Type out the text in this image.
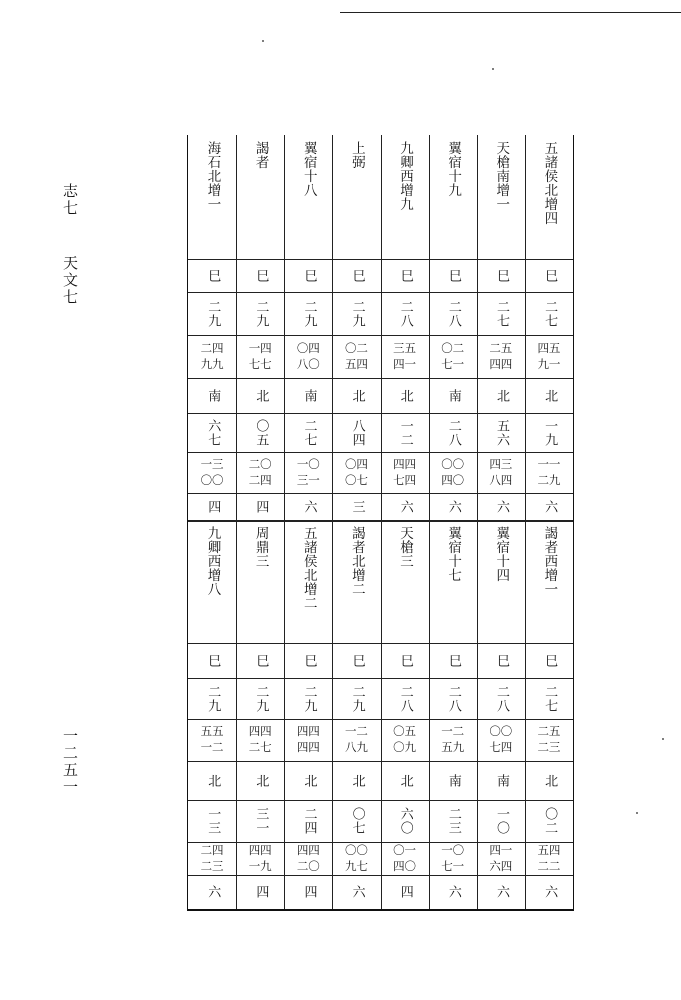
志七
天文七
一二五一
五諸侯北增四
巳
二七
四五
九一
北
一九
一一
二九
六
天槍南增一
巳
二七
二五
四四
北
五六
四三
八四
六
翼宿十九
巳
二八
〇二
七一
南
二八
〇〇
四〇
六
九卿西增九
巳
二八
三五
四一
北
一二
四四
七四
六
上弼
巳
二九
〇二
五四
北
八四
〇四
〇七
三
翼宿十八
巳
二九
〇四
八〇
南
二七
一〇
三一
六
謁者
巳
二九
一四
七七
北
〇五
二〇
二四
四
海石北增一
巳
二九
二四
九九
南
六七
一三
〇〇
四
謁者西增一
巳
二七
二五
二三
北
〇二
五四
二二
六
翼宿十四
巳
二八
〇〇
七四
南
一〇
四一
六四
六
翼宿十七
巳
二八
一二
五九
南
二三
一〇
七一
六
天槍三
巳
二八
〇五
〇九
北
六〇
〇一
四〇
四
謁者北增二
巳
二九
一二
八九
北
〇七
〇〇
九七
六
五諸侯北增二
巳
二九
四四
四四
北
二四
四四
二〇
四
周鼎三
巳
二九
四四
二七
北
三一
四四
一九
四
九卿西增八
巳
二九
五五
一二
北
一三
二四
二三
六
